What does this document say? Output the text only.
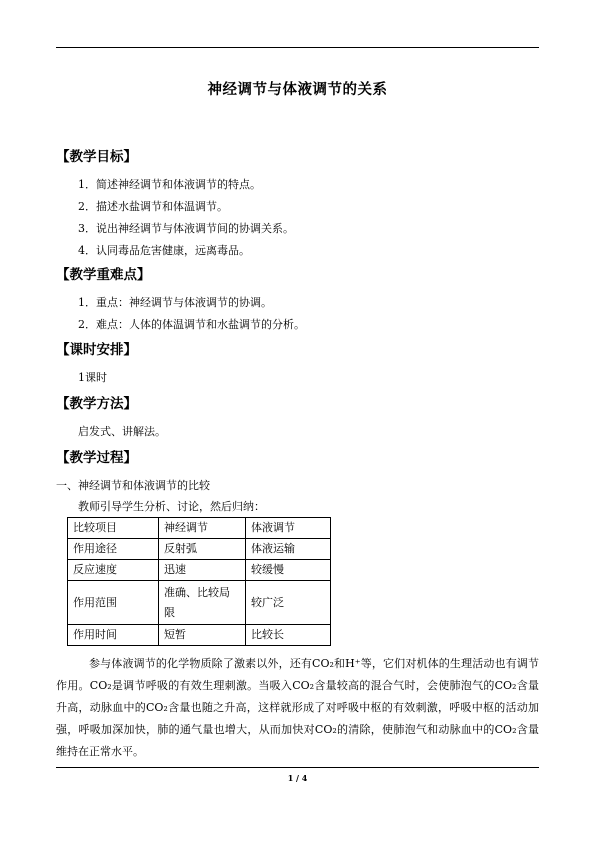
神经调节与体液调节的关系
【教学目标】
1．简述神经调节和体液调节的特点。
2．描述水盐调节和体温调节。
3．说出神经调节与体液调节间的协调关系。
4．认同毒品危害健康，远离毒品。
【教学重难点】
1．重点：神经调节与体液调节的协调。
2．难点：人体的体温调节和水盐调节的分析。
【课时安排】
1课时
【教学方法】
启发式、讲解法。
【教学过程】
一、神经调节和体液调节的比较
教师引导学生分析、讨论，然后归纳：
比较项目	神经调节	体液调节
作用途径	反射弧	体液运输
反应速度	迅速	较缓慢
作用范围	准确、比较局限	较广泛
作用时间	短暂	比较长
参与体液调节的化学物质除了激素以外，还有CO₂和H⁺等，它们对机体的生理活动也有调节作用。CO₂是调节呼吸的有效生理刺激。当吸入CO₂含量较高的混合气时，会使肺泡气的CO₂含量升高，动脉血中的CO₂含量也随之升高，这样就形成了对呼吸中枢的有效刺激，呼吸中枢的活动加强，呼吸加深加快，肺的通气量也增大，从而加快对CO₂的清除，使肺泡气和动脉血中的CO₂含量维持在正常水平。
1 / 4
